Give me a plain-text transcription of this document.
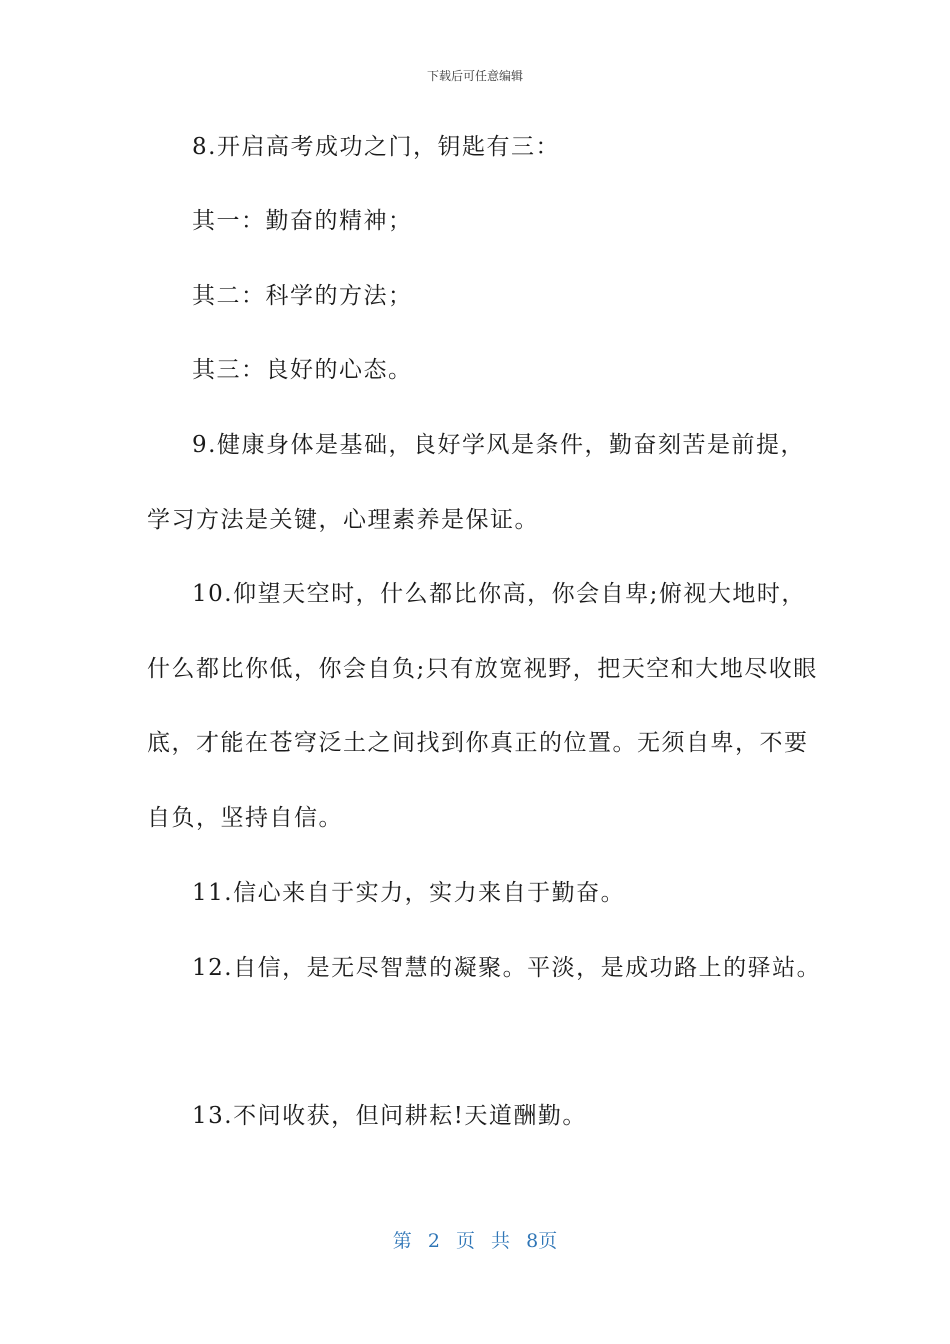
下载后可任意编辑
8.开启高考成功之门，钥匙有三：
其一：勤奋的精神；
其二：科学的方法；
其三：良好的心态。
9.健康身体是基础，良好学风是条件，勤奋刻苦是前提，
学习方法是关键，心理素养是保证。
10.仰望天空时，什么都比你高，你会自卑;俯视大地时，
什么都比你低，你会自负;只有放宽视野，把天空和大地尽收眼
底，才能在苍穹泛土之间找到你真正的位置。无须自卑，不要
自负，坚持自信。
11.信心来自于实力，实力来自于勤奋。
12.自信，是无尽智慧的凝聚。平淡，是成功路上的驿站。
13.不问收获，但问耕耘!天道酬勤。
第 2 页 共 8页
